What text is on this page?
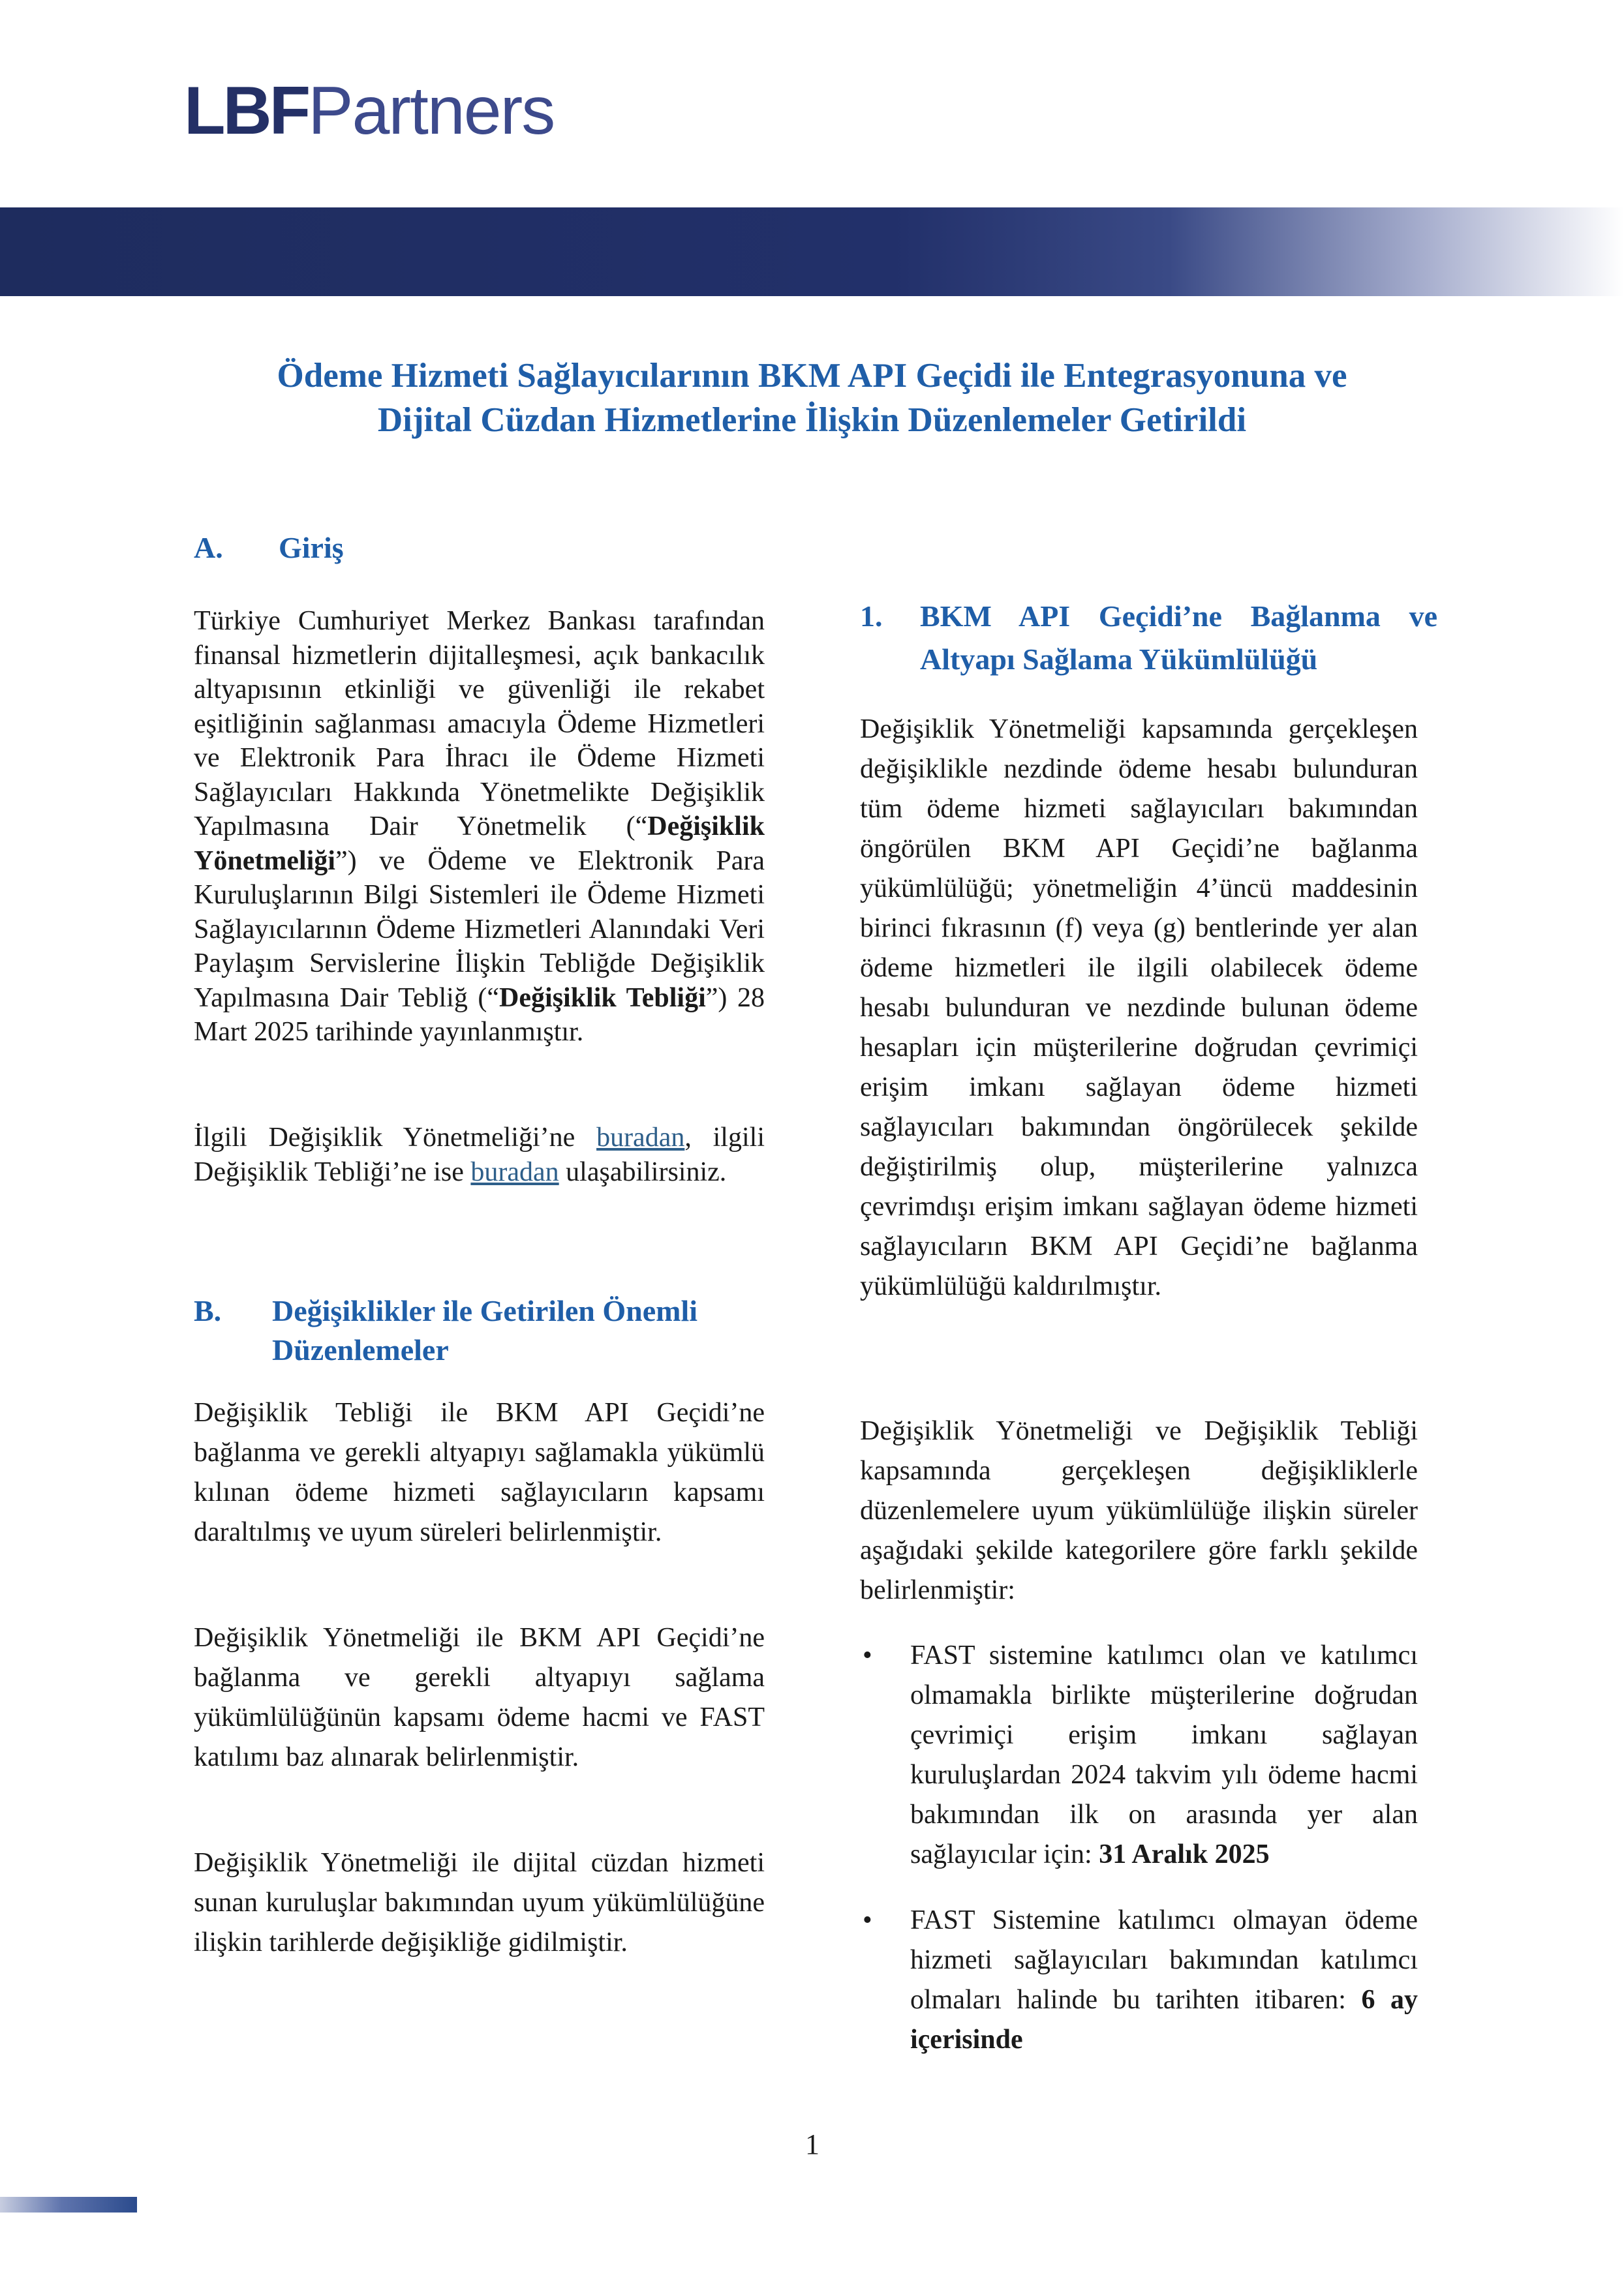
LBFPartners
Ödeme Hizmeti Sağlayıcılarının BKM API Geçidi ile Entegrasyonuna ve
Dijital Cüzdan Hizmetlerine İlişkin Düzenlemeler Getirildi
A. Giriş
Türkiye Cumhuriyet Merkez Bankası tarafından finansal hizmetlerin dijitalleşmesi, açık bankacılık altyapısının etkinliği ve güvenliği ile rekabet eşitliğinin sağlanması amacıyla Ödeme Hizmetleri ve Elektronik Para İhracı ile Ödeme Hizmeti Sağlayıcıları Hakkında Yönetmelikte Değişiklik Yapılmasına Dair Yönetmelik (“Değişiklik Yönetmeliği”) ve Ödeme ve Elektronik Para Kuruluşlarının Bilgi Sistemleri ile Ödeme Hizmeti Sağlayıcılarının Ödeme Hizmetleri Alanındaki Veri Paylaşım Servislerine İlişkin Tebliğde Değişiklik Yapılmasına Dair Tebliğ (“Değişiklik Tebliği”) 28 Mart 2025 tarihinde yayınlanmıştır.
İlgili Değişiklik Yönetmeliği’ne buradan, ilgili Değişiklik Tebliği’ne ise buradan ulaşabilirsiniz.
B. Değişiklikler ile Getirilen Önemli Düzenlemeler
Değişiklik Tebliği ile BKM API Geçidi’ne bağlanma ve gerekli altyapıyı sağlamakla yükümlü kılınan ödeme hizmeti sağlayıcıların kapsamı daraltılmış ve uyum süreleri belirlenmiştir.
Değişiklik Yönetmeliği ile BKM API Geçidi’ne bağlanma ve gerekli altyapıyı sağlama yükümlülüğünün kapsamı ödeme hacmi ve FAST katılımı baz alınarak belirlenmiştir.
Değişiklik Yönetmeliği ile dijital cüzdan hizmeti sunan kuruluşlar bakımından uyum yükümlülüğüne ilişkin tarihlerde değişikliğe gidilmiştir.
1. BKM API Geçidi’ne Bağlanma ve Altyapı Sağlama Yükümlülüğü
Değişiklik Yönetmeliği kapsamında gerçekleşen değişiklikle nezdinde ödeme hesabı bulunduran tüm ödeme hizmeti sağlayıcıları bakımından öngörülen BKM API Geçidi’ne bağlanma yükümlülüğü; yönetmeliğin 4’üncü maddesinin birinci fıkrasının (f) veya (g) bentlerinde yer alan ödeme hizmetleri ile ilgili olabilecek ödeme hesabı bulunduran ve nezdinde bulunan ödeme hesapları için müşterilerine doğrudan çevrimiçi erişim imkanı sağlayan ödeme hizmeti sağlayıcıları bakımından öngörülecek şekilde değiştirilmiş olup, müşterilerine yalnızca çevrimdışı erişim imkanı sağlayan ödeme hizmeti sağlayıcıların BKM API Geçidi’ne bağlanma yükümlülüğü kaldırılmıştır.
Değişiklik Yönetmeliği ve Değişiklik Tebliği kapsamında gerçekleşen değişikliklerle düzenlemelere uyum yükümlülüğe ilişkin süreler aşağıdaki şekilde kategorilere göre farklı şekilde belirlenmiştir:
• FAST sistemine katılımcı olan ve katılımcı olmamakla birlikte müşterilerine doğrudan çevrimiçi erişim imkanı sağlayan kuruluşlardan 2024 takvim yılı ödeme hacmi bakımından ilk on arasında yer alan sağlayıcılar için: 31 Aralık 2025
• FAST Sistemine katılımcı olmayan ödeme hizmeti sağlayıcıları bakımından katılımcı olmaları halinde bu tarihten itibaren: 6 ay içerisinde
1
